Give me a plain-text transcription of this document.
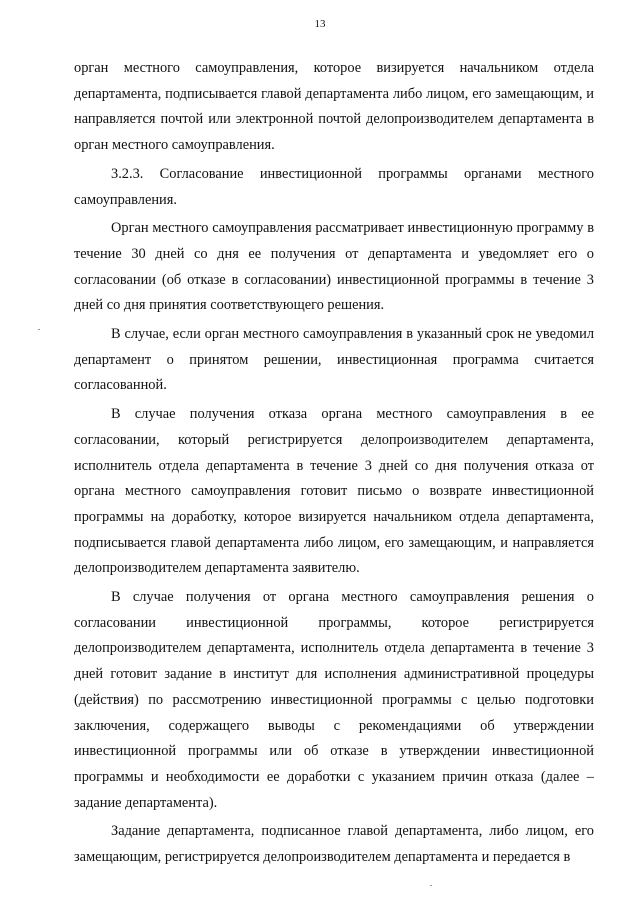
13

орган местного самоуправления, которое визируется начальником отдела департамента, подписывается главой департамента либо лицом, его замещающим, и направляется почтой или электронной почтой делопроизводителем департамента в орган местного самоуправления.

3.2.3. Согласование инвестиционной программы органами местного самоуправления.

Орган местного самоуправления рассматривает инвестиционную программу в течение 30 дней со дня ее получения от департамента и уведомляет его о согласовании (об отказе в согласовании) инвестиционной программы в течение 3 дней со дня принятия соответствующего решения.

В случае, если орган местного самоуправления в указанный срок не уведомил департамент о принятом решении, инвестиционная программа считается согласованной.

В случае получения отказа органа местного самоуправления в ее согласовании, который регистрируется делопроизводителем департамента, исполнитель отдела департамента в течение 3 дней со дня получения отказа от органа местного самоуправления готовит письмо о возврате инвестиционной программы на доработку, которое визируется начальником отдела департамента, подписывается главой департамента либо лицом, его замещающим, и направляется делопроизводителем департамента заявителю.

В случае получения от органа местного самоуправления решения о согласовании инвестиционной программы, которое регистрируется делопроизводителем департамента, исполнитель отдела департамента в течение 3 дней готовит задание в институт для исполнения административной процедуры (действия) по рассмотрению инвестиционной программы с целью подготовки заключения, содержащего выводы с рекомендациями об утверждении инвестиционной программы или об отказе в утверждении инвестиционной программы и необходимости ее доработки с указанием причин отказа (далее – задание департамента).

Задание департамента, подписанное главой департамента, либо лицом, его замещающим, регистрируется делопроизводителем департамента и передается в
